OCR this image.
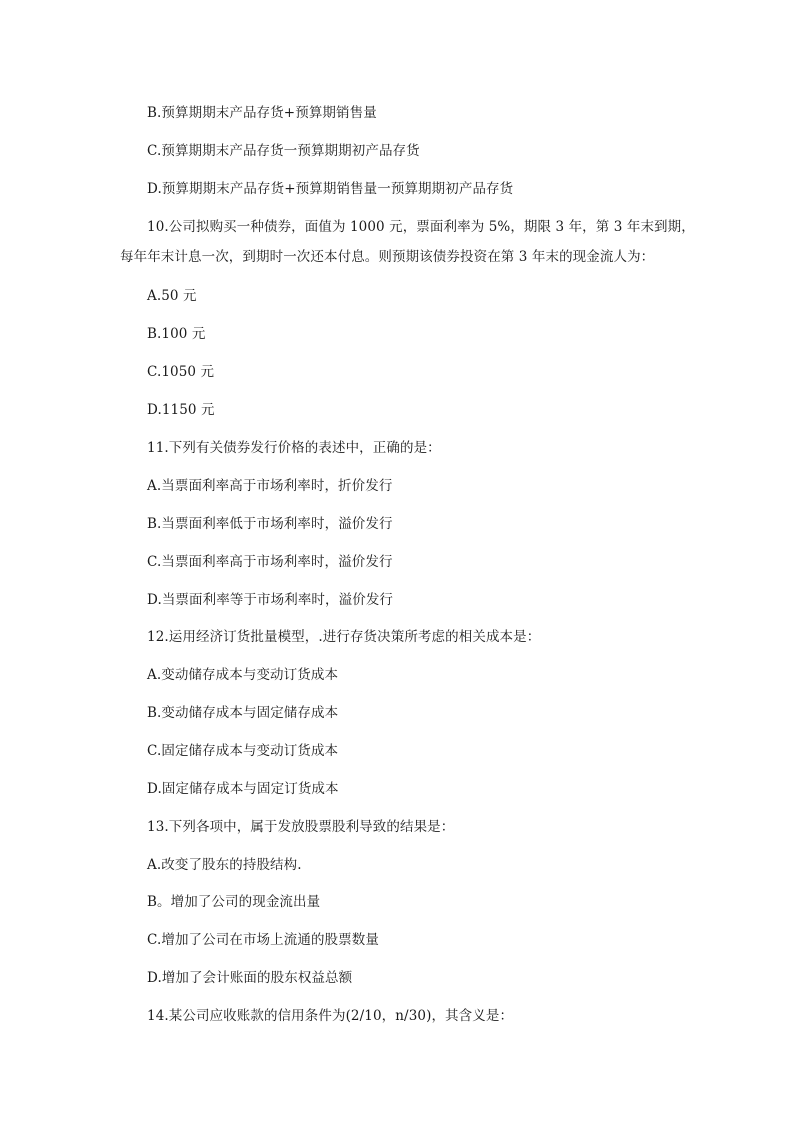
B.预算期期末产品存货+预算期销售量
C.预算期期末产品存货一预算期期初产品存货
D.预算期期末产品存货+预算期销售量一预算期期初产品存货
10.公司拟购买一种债券，面值为 1000 元，票面利率为 5%，期限 3 年，第 3 年末到期，
每年年末计息一次，到期时一次还本付息。则预期该债券投资在第 3 年末的现金流人为：
A.50 元
B.100 元
C.1050 元
D.1150 元
11.下列有关债券发行价格的表述中，正确的是：
A.当票面利率高于市场利率时，折价发行
B.当票面利率低于市场利率时，溢价发行
C.当票面利率高于市场利率时，溢价发行
D.当票面利率等于市场利率时，溢价发行
12.运用经济订货批量模型，.进行存货决策所考虑的相关成本是：
A.变动储存成本与变动订货成本
B.变动储存成本与固定储存成本
C.固定储存成本与变动订货成本
D.固定储存成本与固定订货成本
13.下列各项中，属于发放股票股利导致的结果是：
A.改变了股东的持股结构.
B。增加了公司的现金流出量
C.增加了公司在市场上流通的股票数量
D.增加了会计账面的股东权益总额
14.某公司应收账款的信用条件为(2/10，n/30)，其含义是：
